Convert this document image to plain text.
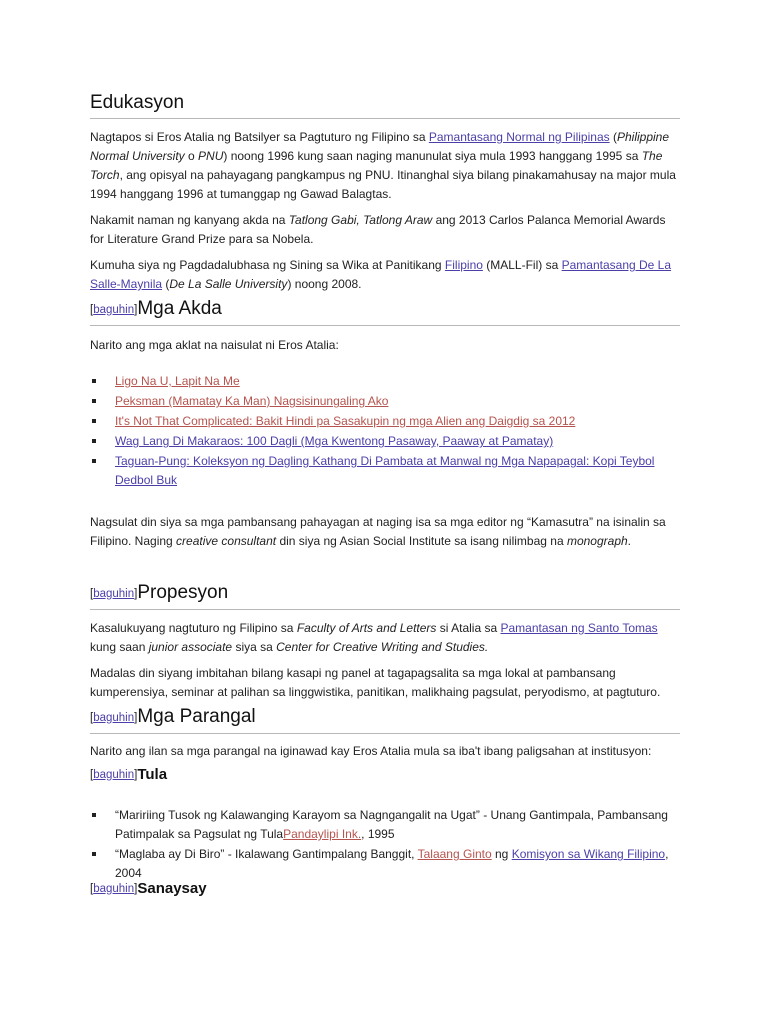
Edukasyon
Nagtapos si Eros Atalia ng Batsilyer sa Pagtuturo ng Filipino sa Pamantasang Normal ng Pilipinas (Philippine Normal University o PNU) noong 1996 kung saan naging manunulat siya mula 1993 hanggang 1995 sa The Torch, ang opisyal na pahayagang pangkampus ng PNU. Itinanghal siya bilang pinakamahusay na major mula 1994 hanggang 1996 at tumanggap ng Gawad Balagtas.
Nakamit naman ng kanyang akda na Tatlong Gabi, Tatlong Araw ang 2013 Carlos Palanca Memorial Awards for Literature Grand Prize para sa Nobela.
Kumuha siya ng Pagdadalubhasa ng Sining sa Wika at Panitikang Filipino (MALL-Fil) sa Pamantasang De La Salle-Maynila (De La Salle University) noong 2008.
[baguhin]Mga Akda
Narito ang mga aklat na naisulat ni Eros Atalia:
Ligo Na U, Lapit Na Me
Peksman (Mamatay Ka Man) Nagsisinungaling Ako
It's Not That Complicated: Bakit Hindi pa Sasakupin ng mga Alien ang Daigdig sa 2012
Wag Lang Di Makaraos: 100 Dagli (Mga Kwentong Pasaway, Paaway at Pamatay)
Taguan-Pung: Koleksyon ng Dagling Kathang Di Pambata at Manwal ng Mga Napapagal: Kopi Teybol Dedbol Buk
Nagsulat din siya sa mga pambansang pahayagan at naging isa sa mga editor ng “Kamasutra” na isinalin sa Filipino. Naging creative consultant din siya ng Asian Social Institute sa isang nilimbag na monograph.
[baguhin]Propesyon
Kasalukuyang nagtuturo ng Filipino sa Faculty of Arts and Letters si Atalia sa Pamantasan ng Santo Tomas kung saan junior associate siya sa Center for Creative Writing and Studies.
Madalas din siyang imbitahan bilang kasapi ng panel at tagapagsalita sa mga lokal at pambansang kumperensiya, seminar at palihan sa linggwistika, panitikan, malikhaing pagsulat, peryodismo, at pagtuturo.
[baguhin]Mga Parangal
Narito ang ilan sa mga parangal na iginawad kay Eros Atalia mula sa iba't ibang paligsahan at institusyon:
[baguhin]Tula
“Maririing Tusok ng Kalawanging Karayom sa Nagngangalit na Ugat” - Unang Gantimpala, Pambansang Patimpalak sa Pagsulat ng TulaPandaylipi Ink., 1995
“Maglaba ay Di Biro” - Ikalawang Gantimpalang Banggit, Talaang Ginto ng Komisyon sa Wikang Filipino, 2004
[baguhin]Sanaysay
